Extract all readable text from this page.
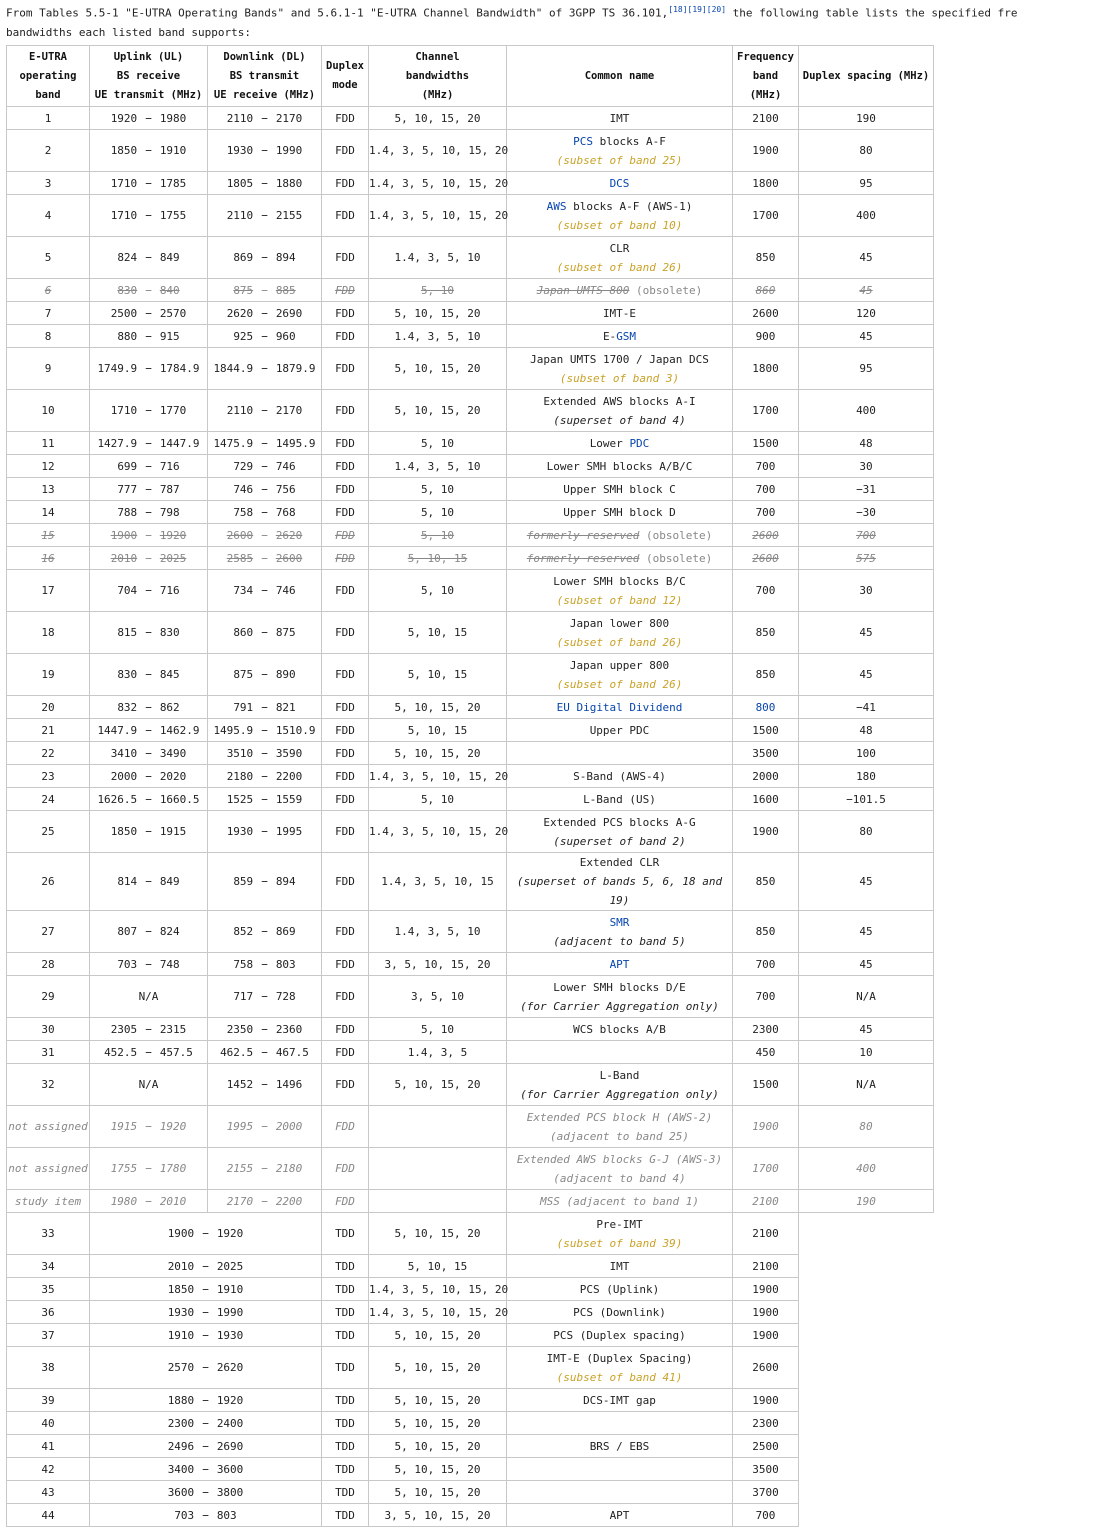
From Tables 5.5-1 "E-UTRA Operating Bands" and 5.6.1-1 "E-UTRA Channel Bandwidth" of 3GPP TS 36.101,[18][19][20] the following table lists the specified fre
bandwidths each listed band supports:
E-UTRA
operating
band	Uplink (UL)
BS receive
UE transmit (MHz)	Downlink (DL)
BS transmit
UE receive (MHz)	Duplex
mode	Channel
bandwidths
(MHz)	Common name	Frequency
band
(MHz)	Duplex spacing (MHz)
1	1920 − 1980	2110 − 2170	FDD	5, 10, 15, 20	IMT	2100	190
2	1850 − 1910	1930 − 1990	FDD	1.4, 3, 5, 10, 15, 20	PCS blocks A-F
(subset of band 25)	1900	80
3	1710 − 1785	1805 − 1880	FDD	1.4, 3, 5, 10, 15, 20	DCS	1800	95
4	1710 − 1755	2110 − 2155	FDD	1.4, 3, 5, 10, 15, 20	AWS blocks A-F (AWS-1)
(subset of band 10)	1700	400
5	824 − 849	869 − 894	FDD	1.4, 3, 5, 10	CLR
(subset of band 26)	850	45
6	830 − 840	875 − 885	FDD	5, 10	Japan UMTS 800 (obsolete)	860	45
7	2500 − 2570	2620 − 2690	FDD	5, 10, 15, 20	IMT-E	2600	120
8	880 − 915	925 − 960	FDD	1.4, 3, 5, 10	E-GSM	900	45
9	1749.9 − 1784.9	1844.9 − 1879.9	FDD	5, 10, 15, 20	Japan UMTS 1700 / Japan DCS
(subset of band 3)	1800	95
10	1710 − 1770	2110 − 2170	FDD	5, 10, 15, 20	Extended AWS blocks A-I
(superset of band 4)	1700	400
11	1427.9 − 1447.9	1475.9 − 1495.9	FDD	5, 10	Lower PDC	1500	48
12	699 − 716	729 − 746	FDD	1.4, 3, 5, 10	Lower SMH blocks A/B/C	700	30
13	777 − 787	746 − 756	FDD	5, 10	Upper SMH block C	700	−31
14	788 − 798	758 − 768	FDD	5, 10	Upper SMH block D	700	−30
15	1900 − 1920	2600 − 2620	FDD	5, 10	formerly reserved (obsolete)	2600	700
16	2010 − 2025	2585 − 2600	FDD	5, 10, 15	formerly reserved (obsolete)	2600	575
17	704 − 716	734 − 746	FDD	5, 10	Lower SMH blocks B/C
(subset of band 12)	700	30
18	815 − 830	860 − 875	FDD	5, 10, 15	Japan lower 800
(subset of band 26)	850	45
19	830 − 845	875 − 890	FDD	5, 10, 15	Japan upper 800
(subset of band 26)	850	45
20	832 − 862	791 − 821	FDD	5, 10, 15, 20	EU Digital Dividend	800	−41
21	1447.9 − 1462.9	1495.9 − 1510.9	FDD	5, 10, 15	Upper PDC	1500	48
22	3410 − 3490	3510 − 3590	FDD	5, 10, 15, 20		3500	100
23	2000 − 2020	2180 − 2200	FDD	1.4, 3, 5, 10, 15, 20	S-Band (AWS-4)	2000	180
24	1626.5 − 1660.5	1525 − 1559	FDD	5, 10	L-Band (US)	1600	−101.5
25	1850 − 1915	1930 − 1995	FDD	1.4, 3, 5, 10, 15, 20	Extended PCS blocks A-G
(superset of band 2)	1900	80
26	814 − 849	859 − 894	FDD	1.4, 3, 5, 10, 15	Extended CLR
(superset of bands 5, 6, 18 and 19)	850	45
27	807 − 824	852 − 869	FDD	1.4, 3, 5, 10	SMR
(adjacent to band 5)	850	45
28	703 − 748	758 − 803	FDD	3, 5, 10, 15, 20	APT	700	45
29	N/A	717 − 728	FDD	3, 5, 10	Lower SMH blocks D/E
(for Carrier Aggregation only)	700	N/A
30	2305 − 2315	2350 − 2360	FDD	5, 10	WCS blocks A/B	2300	45
31	452.5 − 457.5	462.5 − 467.5	FDD	1.4, 3, 5		450	10
32	N/A	1452 − 1496	FDD	5, 10, 15, 20	L-Band
(for Carrier Aggregation only)	1500	N/A
not assigned	1915 − 1920	1995 − 2000	FDD		Extended PCS block H (AWS-2)
(adjacent to band 25)	1900	80
not assigned	1755 − 1780	2155 − 2180	FDD		Extended AWS blocks G-J (AWS-3)
(adjacent to band 4)	1700	400
study item	1980 − 2010	2170 − 2200	FDD		MSS (adjacent to band 1)	2100	190
33	1900 − 1920		TDD	5, 10, 15, 20	Pre-IMT
(subset of band 39)	2100	
34	2010 − 2025		TDD	5, 10, 15	IMT	2100	
35	1850 − 1910		TDD	1.4, 3, 5, 10, 15, 20	PCS (Uplink)	1900	
36	1930 − 1990		TDD	1.4, 3, 5, 10, 15, 20	PCS (Downlink)	1900	
37	1910 − 1930		TDD	5, 10, 15, 20	PCS (Duplex spacing)	1900	
38	2570 − 2620		TDD	5, 10, 15, 20	IMT-E (Duplex Spacing)
(subset of band 41)	2600	
39	1880 − 1920		TDD	5, 10, 15, 20	DCS-IMT gap	1900	
40	2300 − 2400		TDD	5, 10, 15, 20		2300	
41	2496 − 2690		TDD	5, 10, 15, 20	BRS / EBS	2500	
42	3400 − 3600		TDD	5, 10, 15, 20		3500	
43	3600 − 3800		TDD	5, 10, 15, 20		3700	
44	703 − 803		TDD	3, 5, 10, 15, 20	APT	700	
